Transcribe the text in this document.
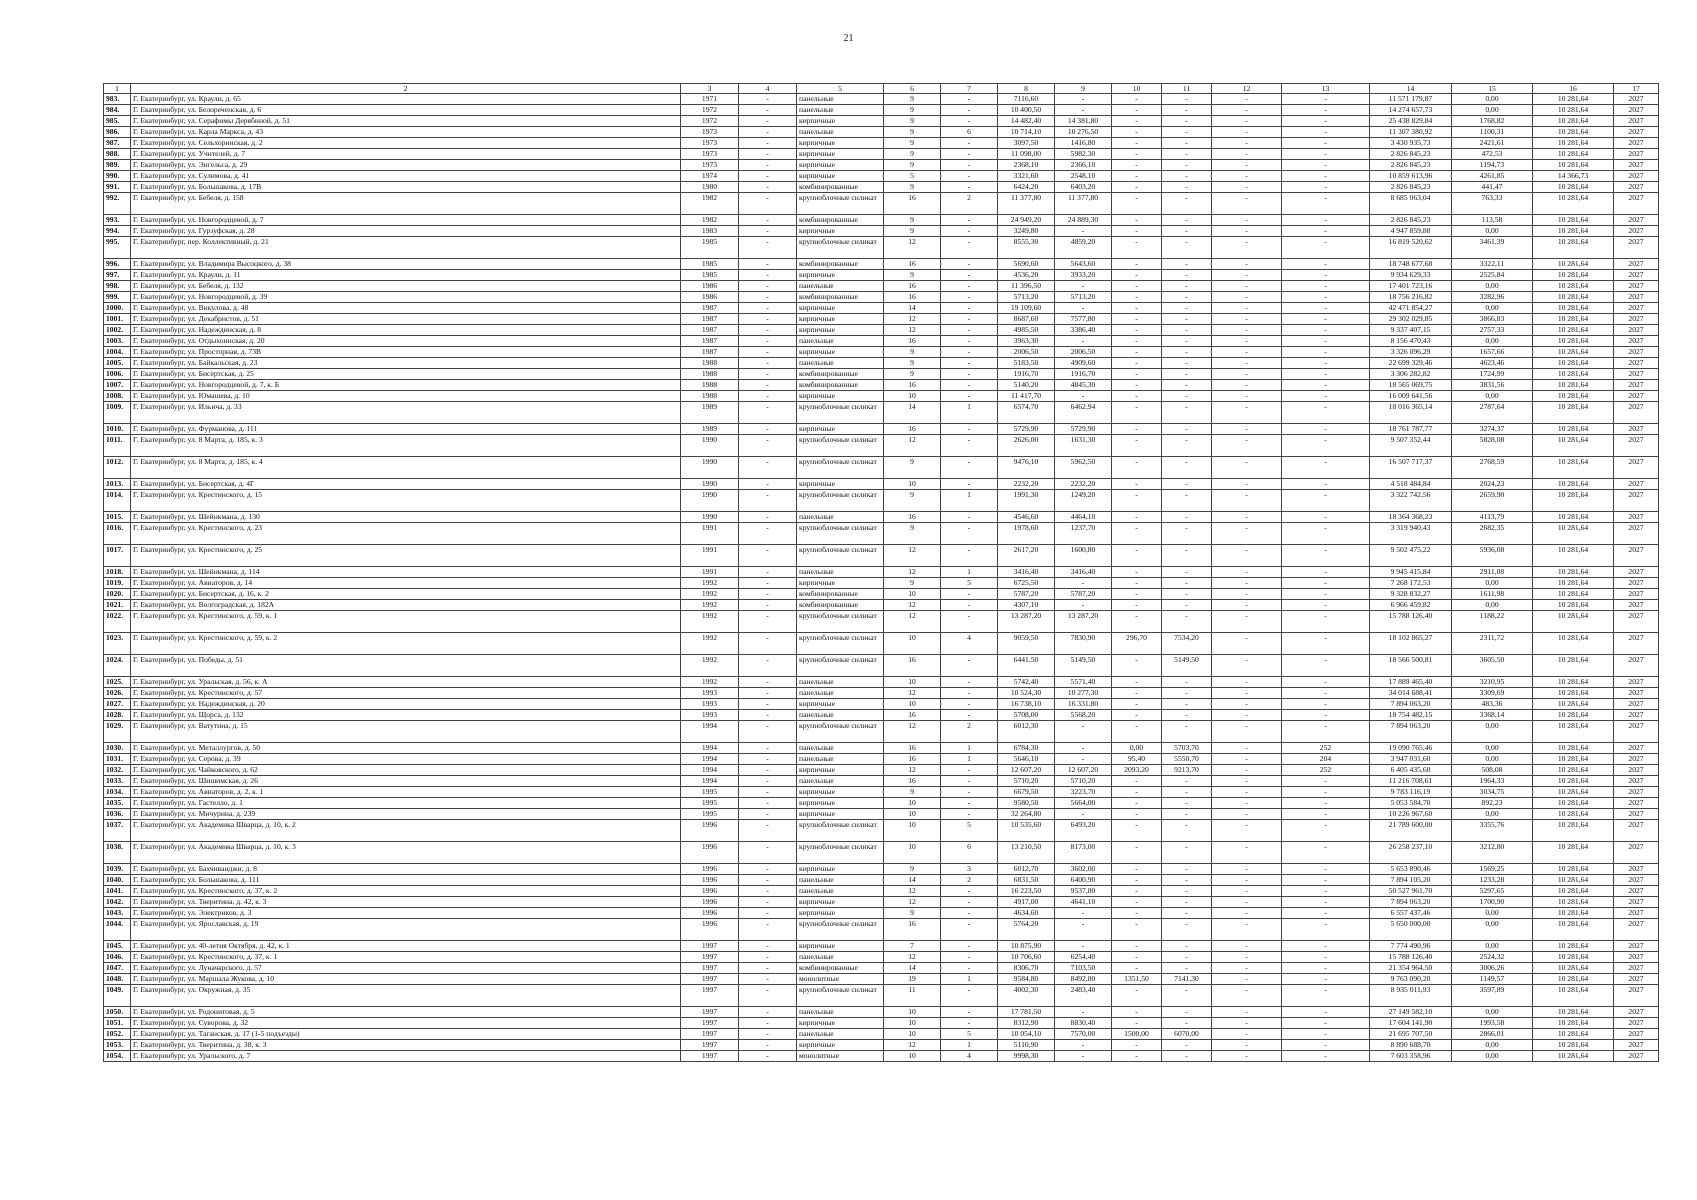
21
1	2	3	4	5	6	7	8	9	10	11	12	13	14	15	16	17
983.	Г. Екатеринбург, ул. Краули, д. 65	1971	-	панельные	9	-	7116,60	-	-	-	-	-	11 571 179,87	0,00	10 281,64	2027
984.	Г. Екатеринбург, ул. Белореченская, д. 6	1972	-	панельные	9	-	10 400,50	-	-	-	-	-	14 274 657,73	0,00	10 281,64	2027
985.	Г. Екатеринбург, ул. Серафимы Дерябиной, д. 51	1972	-	кирпичные	9	-	14 482,40	14 381,80	-	-	-	-	25 438 829,84	1768,82	10 281,64	2027
986.	Г. Екатеринбург, ул. Карла Маркса, д. 43	1973	-	панельные	9	6	10 714,10	10 276,50	-	-	-	-	11 307 380,92	1100,31	10 281,64	2027
987.	Г. Екатеринбург, ул. Сельхоринская, д. 2	1973	-	кирпичные	9	-	3097,50	1416,80	-	-	-	-	3 430 935,73	2421,61	10 281,64	2027
988.	Г. Екатеринбург, ул. Учителей, д. 7	1973	-	кирпичные	9	-	11 098,00	5982,30	-	-	-	-	2 826 845,23	472,53	10 281,64	2027
989.	Г. Екатеринбург, ул. Энгельса, д. 29	1973	-	кирпичные	9	-	2368,10	2366,10	-	-	-	-	2 826 845,23	1194,73	10 281,64	2027
990.	Г. Екатеринбург, ул. Сулимова, д. 41	1974	-	кирпичные	5	-	3321,60	2548,10	-	-	-	-	10 859 613,96	4261,85	14 366,73	2027
991.	Г. Екатеринбург, ул. Большакова, д. 17В	1980	-	комбинированные	9	-	6424,20	6403,20	-	-	-	-	2 826 845,23	441,47	10 281,64	2027
992.	Г. Екатеринбург, ул. Бебеля, д. 158	1982	-	крупноблочные силикат	16	2	11 377,80	11 377,80	-	-	-	-	8 685 063,04	763,33	10 281,64	2027
993.	Г. Екатеринбург, ул. Новгородцевой, д. 7	1982	-	комбинированные	9	-	24 949,20	24 889,30	-	-	-	-	2 826 845,23	113,58	10 281,64	2027
994.	Г. Екатеринбург, ул. Гурзуфская, д. 28	1983	-	кирпичные	9	-	3249,80	-	-	-	-	-	4 947 859,88	0,00	10 281,64	2027
995.	Г. Екатеринбург, пер. Коллективный, д. 21	1985	-	крупноблочные силикат	12	-	8555,30	4859,20	-	-	-	-	16 819 520,62	3461,39	10 281,64	2027
996.	Г. Екатеринбург, ул. Владимира Высоцкого, д. 38	1985	-	комбинированные	16	-	5690,60	5643,60	-	-	-	-	18 748 677,68	3322,11	10 281,64	2027
997.	Г. Екатеринбург, ул. Краули, д. 11	1985	-	кирпичные	9	-	4536,20	3933,20	-	-	-	-	9 934 629,33	2525,84	10 281,64	2027
998.	Г. Екатеринбург, ул. Бебеля, д. 132	1986	-	панельные	16	-	11 396,50	-	-	-	-	-	17 401 723,16	0,00	10 281,64	2027
999.	Г. Екатеринбург, ул. Новгородцевой, д. 39	1986	-	комбинированные	16	-	5713,20	5713,20	-	-	-	-	18 756 216,82	3282,96	10 281,64	2027
1000.	Г. Екатеринбург, ул. Викулова, д. 48	1987	-	кирпичные	14	-	19 109,60	-	-	-	-	-	42 471 854,27	0,00	10 281,64	2027
1001.	Г. Екатеринбург, ул. Декабристов, д. 51	1987	-	кирпичные	12	-	8687,60	7577,80	-	-	-	-	29 302 029,85	3866,83	10 281,64	2027
1002.	Г. Екатеринбург, ул. Надеждинская, д. 8	1987	-	кирпичные	12	-	4985,50	3386,40	-	-	-	-	9 337 407,15	2757,33	10 281,64	2027
1003.	Г. Екатеринбург, ул. Отдыхоинская, д. 20	1987	-	панельные	16	-	3963,30	-	-	-	-	-	8 156 470,43	0,00	10 281,64	2027
1004.	Г. Екатеринбург, ул. Просторная, д. 73В	1987	-	кирпичные	9	-	2006,50	2006,50	-	-	-	-	3 326 096,29	1657,66	10 281,64	2027
1005.	Г. Екатеринбург, ул. Байкальская, д. 23	1988	-	панельные	9	-	5183,50	4909,60	-	-	-	-	22 699 329,46	4623,46	10 281,64	2027
1006.	Г. Екатеринбург, ул. Бисертская, д. 25	1988	-	комбинированные	9	-	1916,70	1916,70	-	-	-	-	3 306 282,82	1724,99	10 281,64	2027
1007.	Г. Екатеринбург, ул. Новгородцевой, д. 7, к. Б	1988	-	комбинированные	16	-	5140,20	4845,30	-	-	-	-	18 565 069,75	3831,56	10 281,64	2027
1008.	Г. Екатеринбург, ул. Юмашева, д. 10	1988	-	кирпичные	10	-	11 417,70	-	-	-	-	-	16 009 641,56	0,00	10 281,64	2027
1009.	Г. Екатеринбург, ул. Ильича, д. 33	1989	-	крупноблочные силикат	14	1	6574,70	6462,94	-	-	-	-	18 016 365,14	2787,64	10 281,64	2027
1010.	Г. Екатеринбург, ул. Фурманова, д. 111	1989	-	кирпичные	16	-	5729,90	5729,90	-	-	-	-	18 761 787,77	3274,37	10 281,64	2027
1011.	Г. Екатеринбург, ул. 8 Марта, д. 185, к. 3	1990	-	крупноблочные силикат	12	-	2626,00	1631,30	-	-	-	-	9 507 352,44	5828,08	10 281,64	2027
1012.	Г. Екатеринбург, ул. 8 Марта, д. 185, к. 4	1990	-	крупноблочные силикат	9	-	9476,10	5962,50	-	-	-	-	16 507 717,37	2768,59	10 281,64	2027
1013.	Г. Екатеринбург, ул. Бисертская, д. 4Г	1990	-	кирпичные	10	-	2232,20	2232,20	-	-	-	-	4 518 484,84	2024,23	10 281,64	2027
1014.	Г. Екатеринбург, ул. Крестинского, д. 15	1990	-	крупноблочные силикат	9	1	1991,30	1249,20	-	-	-	-	3 322 742,56	2659,90	10 281,64	2027
1015.	Г. Екатеринбург, ул. Шейнкмана, д. 130	1990	-	панельные	16	-	4546,60	4464,10	-	-	-	-	18 364 368,23	4113,79	10 281,64	2027
1016.	Г. Екатеринбург, ул. Крестинского, д. 23	1991	-	крупноблочные силикат	9	-	1978,60	1237,70	-	-	-	-	3 319 940,43	2682,35	10 281,64	2027
1017.	Г. Екатеринбург, ул. Крестинского, д. 25	1991	-	крупноблочные силикат	12	-	2617,20	1600,80	-	-	-	-	9 502 475,22	5936,08	10 281,64	2027
1018.	Г. Екатеринбург, ул. Шейнкмана, д. 114	1991	-	панельные	12	1	3416,40	3416,40	-	-	-	-	9 945 415,84	2911,08	10 281,64	2027
1019.	Г. Екатеринбург, ул. Авиаторов, д. 14	1992	-	кирпичные	9	5	6725,50	-	-	-	-	-	7 268 172,53	0,00	10 281,64	2027
1020.	Г. Екатеринбург, ул. Бисертская, д. 16, к. 2	1992	-	комбинированные	10	-	5787,20	5787,20	-	-	-	-	9 328 832,27	1611,98	10 281,64	2027
1021.	Г. Екатеринбург, ул. Волгоградская, д. 182А	1992	-	комбинированные	12	-	4307,10	-	-	-	-	-	6 966 459,82	0,00	10 281,64	2027
1022.	Г. Екатеринбург, ул. Крестинского, д. 59, к. 1	1992	-	крупноблочные силикат	12	-	13 287,20	13 287,20	-	-	-	-	15 788 126,40	1188,22	10 281,64	2027
1023.	Г. Екатеринбург, ул. Крестинского, д. 59, к. 2	1992	-	крупноблочные силикат	10	4	9059,50	7830,90	296,70	7534,20	-	-	18 102 865,27	2311,72	10 281,64	2027
1024.	Г. Екатеринбург, ул. Победы, д. 51	1992	-	крупноблочные силикат	16	-	6441,50	5149,50	-	5149,50	-	-	18 566 500,81	3605,50	10 281,64	2027
1025.	Г. Екатеринбург, ул. Уральская, д. 56, к. А	1992	-	панельные	10	-	5742,40	5571,40	-	-	-	-	17 889 465,40	3210,95	10 281,64	2027
1026.	Г. Екатеринбург, ул. Крестинского, д. 57	1993	-	панельные	12	-	10 524,30	10 277,30	-	-	-	-	34 014 688,41	3309,69	10 281,64	2027
1027.	Г. Екатеринбург, ул. Надеждинская, д. 20	1993	-	кирпичные	10	-	16 738,10	16 331,80	-	-	-	-	7 894 063,20	483,36	10 281,64	2027
1028.	Г. Екатеринбург, ул. Щорса, д. 132	1993	-	панельные	16	-	5708,00	5568,20	-	-	-	-	18 754 482,15	3368,14	10 281,64	2027
1029.	Г. Екатеринбург, ул. Ватутина, д. 15	1994	-	крупноблочные силикат	12	2	6012,30	-	-	-	-	-	7 894 063,20	0,00	10 281,64	2027
1030.	Г. Екатеринбург, ул. Металлургов, д. 50	1994	-	панельные	16	1	6784,30	-	0,00	5703,70	-	252	19 090 765,46	0,00	10 281,64	2027
1031.	Г. Екатеринбург, ул. Серова, д. 39	1994	-	панельные	16	1	5646,10	-	95,40	5550,70	-	204	3 947 031,60	0,00	10 281,64	2027
1032.	Г. Екатеринбург, ул. Чайковского, д. 62	1994	-	кирпичные	12	-	12 607,20	12 607,20	2093,20	9213,70	-	252	6 405 435,60	508,08	10 281,64	2027
1033.	Г. Екатеринбург, ул. Шишимская, д. 26	1994	-	панельные	16	-	5710,20	5710,20	-	-	-	-	11 216 708,61	1964,33	10 281,64	2027
1034.	Г. Екатеринбург, ул. Авиаторов, д. 2, к. 1	1995	-	кирпичные	9	-	6679,50	3223,70	-	-	-	-	9 783 116,19	3034,75	10 281,64	2027
1035.	Г. Екатеринбург, ул. Гастелло, д. 1	1995	-	кирпичные	10	-	9580,50	5664,00	-	-	-	-	5 053 584,70	892,23	10 281,64	2027
1036.	Г. Екатеринбург, ул. Мичурина, д. 239	1995	-	кирпичные	10	-	32 264,80	-	-	-	-	-	10 226 967,60	0,00	10 281,64	2027
1037.	Г. Екатеринбург, ул. Академика Шварца, д. 10, к. 2	1996	-	крупноблочные силикат	10	5	10 535,60	6493,20	-	-	-	-	21 789 600,00	3355,76	10 281,64	2027
1038.	Г. Екатеринбург, ул. Академика Шварца, д. 10, к. 3	1996	-	крупноблочные силикат	10	6	13 210,50	8173,00	-	-	-	-	26 258 237,10	3212,80	10 281,64	2027
1039.	Г. Екатеринбург, ул. Бахчиванджи, д. 8	1996	-	кирпичные	9	3	6012,70	3602,00	-	-	-	-	5 653 890,46	1569,25	10 281,64	2027
1040.	Г. Екатеринбург, ул. Большакова, д. 111	1996	-	панельные	14	2	6831,50	6400,90	-	-	-	-	7 894 105,20	1233,28	10 281,64	2027
1041.	Г. Екатеринбург, ул. Крестинского, д. 37, к. 2	1996	-	панельные	12	-	16 223,50	9537,80	-	-	-	-	50 527 961,70	5297,65	10 281,64	2027
1042.	Г. Екатеринбург, ул. Тверитина, д. 42, к. 3	1996	-	кирпичные	12	-	4917,00	4641,10	-	-	-	-	7 894 063,20	1700,90	10 281,64	2027
1043.	Г. Екатеринбург, ул. Электриков, д. 3	1996	-	кирпичные	9	-	4634,60	-	-	-	-	-	6 557 437,46	0,00	10 281,64	2027
1044.	Г. Екатеринбург, ул. Ярославская, д. 19	1996	-	крупноблочные силикат	16	-	5764,20	-	-	-	-	-	5 650 000,00	0,00	10 281,64	2027
1045.	Г. Екатеринбург, ул. 40-летия Октября, д. 42, к. 1	1997	-	кирпичные	7	-	10 875,90	-	-	-	-	-	7 774 490,96	0,00	10 281,64	2027
1046.	Г. Екатеринбург, ул. Крестинского, д. 37, к. 1	1997	-	панельные	12	-	10 706,60	6254,40	-	-	-	-	15 788 126,40	2524,32	10 281,64	2027
1047.	Г. Екатеринбург, ул. Луначарского, д. 57	1997	-	комбинированные	14	-	8306,70	7103,50	-	-	-	-	21 354 964,50	3006,26	10 281,64	2027
1048.	Г. Екатеринбург, ул. Маршала Жукова, д. 10	1997	-	монолитные	19	1	9584,80	8492,80	1351,50	7141,30	-	-	9 763 090,20	1149,57	10 281,64	2027
1049.	Г. Екатеринбург, ул. Окружная, д. 35	1997	-	крупноблочные силикат	11	-	4002,30	2483,40	-	-	-	-	8 935 011,93	3597,89	10 281,64	2027
1050.	Г. Екатеринбург, ул. Родонитовая, д. 5	1997	-	панельные	10	-	17 781,50	-	-	-	-	-	27 149 582,10	0,00	10 281,64	2027
1051.	Г. Екатеринбург, ул. Суворова, д. 32	1997	-	кирпичные	10	-	8312,90	8830,40	-	-	-	-	17 604 141,90	1993,58	10 281,64	2027
1052.	Г. Екатеринбург, ул. Таганская, д. 17 (1-5 подъезды)	1997	-	панельные	10	5	10 054,10	7570,00	1500,00	6070,00	-	-	21 695 707,50	2866,01	10 281,64	2027
1053.	Г. Екатеринбург, ул. Тверитина, д. 38, к. 3	1997	-	кирпичные	12	1	5110,90	-	-	-	-	-	8 890 688,70	0,00	10 281,64	2027
1054.	Г. Екатеринбург, ул. Уральского, д. 7	1997	-	монолитные	10	4	9998,30	-	-	-	-	-	7 603 358,96	0,00	10 281,64	2027
